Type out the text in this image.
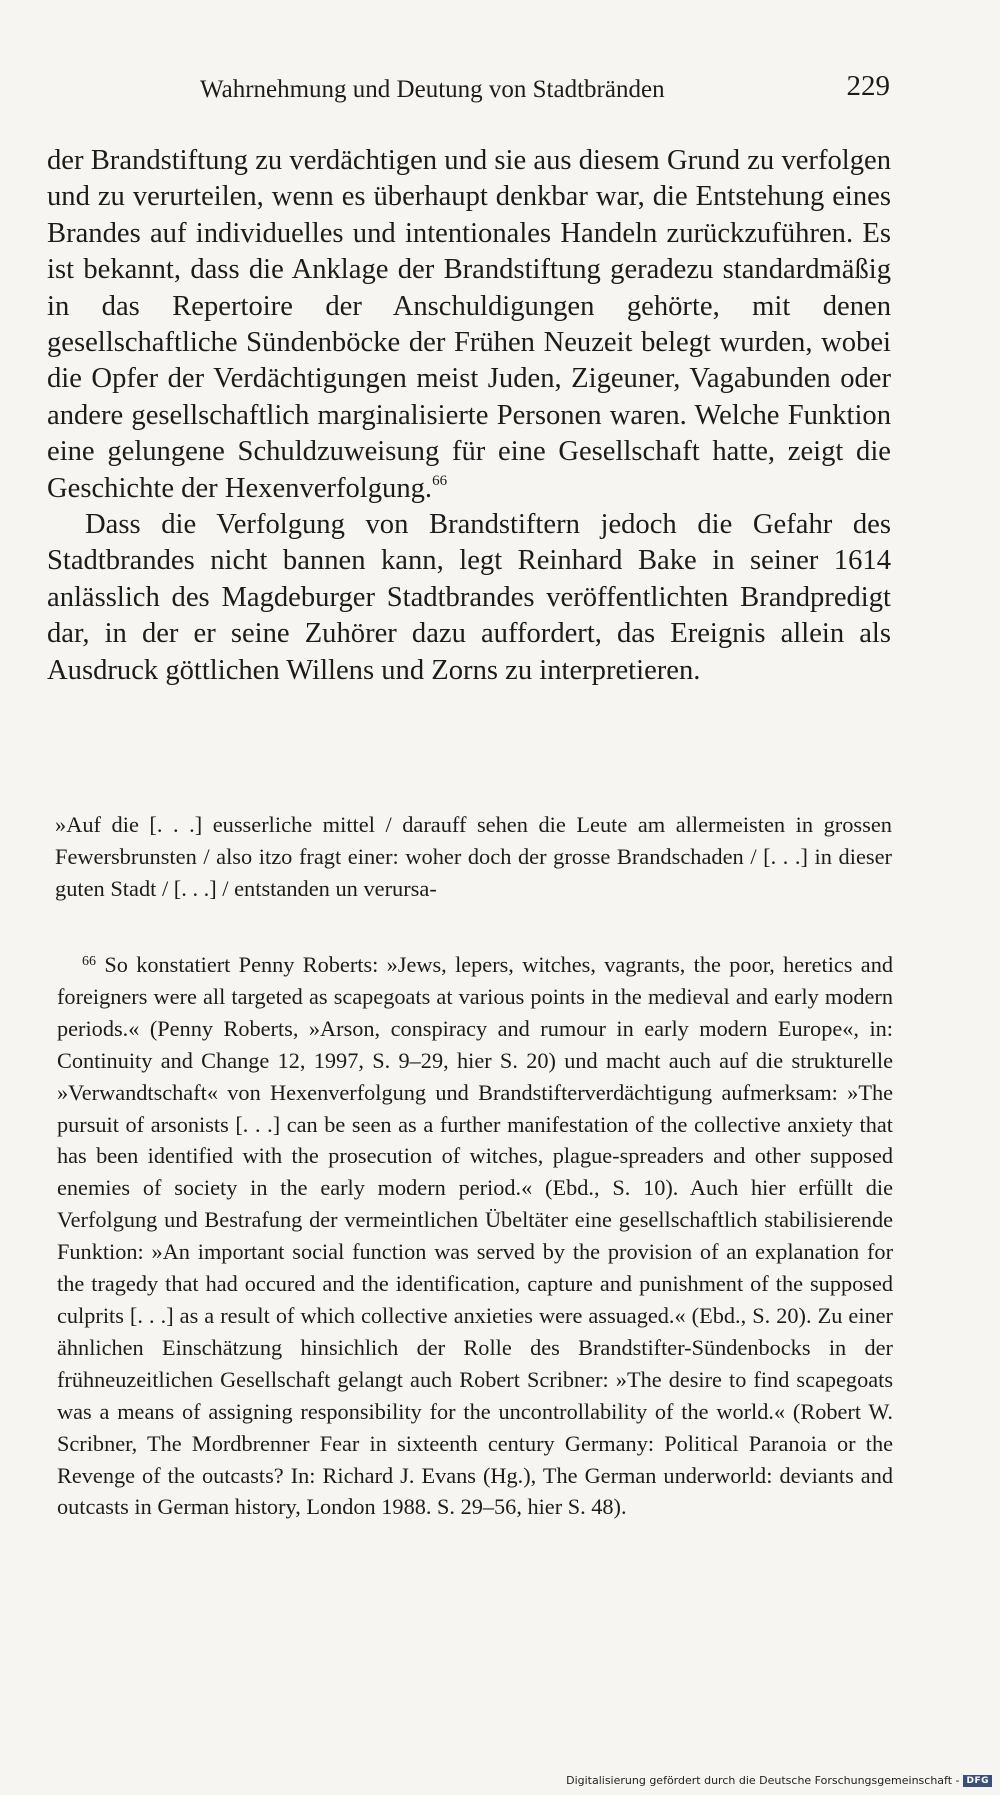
Wahrnehmung und Deutung von Stadtbränden	229

der Brandstiftung zu verdächtigen und sie aus diesem Grund zu verfolgen und zu verurteilen, wenn es überhaupt denkbar war, die Entstehung eines Brandes auf individuelles und intentionales Handeln zurückzuführen. Es ist bekannt, dass die Anklage der Brandstiftung geradezu standardmäßig in das Repertoire der Anschuldigungen gehörte, mit denen gesellschaftliche Sündenböcke der Frühen Neuzeit belegt wurden, wobei die Opfer der Verdächtigungen meist Juden, Zigeuner, Vagabunden oder andere gesellschaftlich marginalisierte Personen waren. Welche Funktion eine gelungene Schuldzuweisung für eine Gesellschaft hatte, zeigt die Geschichte der Hexenverfolgung.$^{66}$

Dass die Verfolgung von Brandstiftern jedoch die Gefahr des Stadtbrandes nicht bannen kann, legt Reinhard Bake in seiner 1614 anlässlich des Magdeburger Stadtbrandes veröffentlichten Brandpredigt dar, in der er seine Zuhörer dazu auffordert, das Ereignis allein als Ausdruck göttlichen Willens und Zorns zu interpretieren.

»Auf die [. . .] eusserliche mittel / darauff sehen die Leute am allermeisten in grossen Fewersbrunsten / also itzo fragt einer: woher doch der grosse Brandschaden / [. . .] in dieser guten Stadt / [. . .] / entstanden un verursa-

$^{66}$ So konstatiert Penny Roberts: »Jews, lepers, witches, vagrants, the poor, heretics and foreigners were all targeted as scapegoats at various points in the medieval and early modern periods.« (Penny Roberts, »Arson, conspiracy and rumour in early modern Europe«, in: Continuity and Change 12, 1997, S. 9–29, hier S. 20) und macht auch auf die strukturelle »Verwandtschaft« von Hexenverfolgung und Brandstifterverdächtigung aufmerksam: »The pursuit of arsonists [. . .] can be seen as a further manifestation of the collective anxiety that has been identified with the prosecution of witches, plague-spreaders and other supposed enemies of society in the early modern period.« (Ebd., S. 10). Auch hier erfüllt die Verfolgung und Bestrafung der vermeintlichen Übeltäter eine gesellschaftlich stabilisierende Funktion: »An important social function was served by the provision of an explanation for the tragedy that had occured and the identification, capture and punishment of the supposed culprits [. . .] as a result of which collective anxieties were assuaged.« (Ebd., S. 20). Zu einer ähnlichen Einschätzung hinsichlich der Rolle des Brandstifter-Sündenbocks in der frühneuzeitlichen Gesellschaft gelangt auch Robert Scribner: »The desire to find scapegoats was a means of assigning responsibility for the uncontrollability of the world.« (Robert W. Scribner, The Mordbrenner Fear in sixteenth century Germany: Political Paranoia or the Revenge of the outcasts? In: Richard J. Evans (Hg.), The German underworld: deviants and outcasts in German history, London 1988. S. 29–56, hier S. 48).

Digitalisierung gefördert durch die Deutsche Forschungsgemeinschaft - DFG
